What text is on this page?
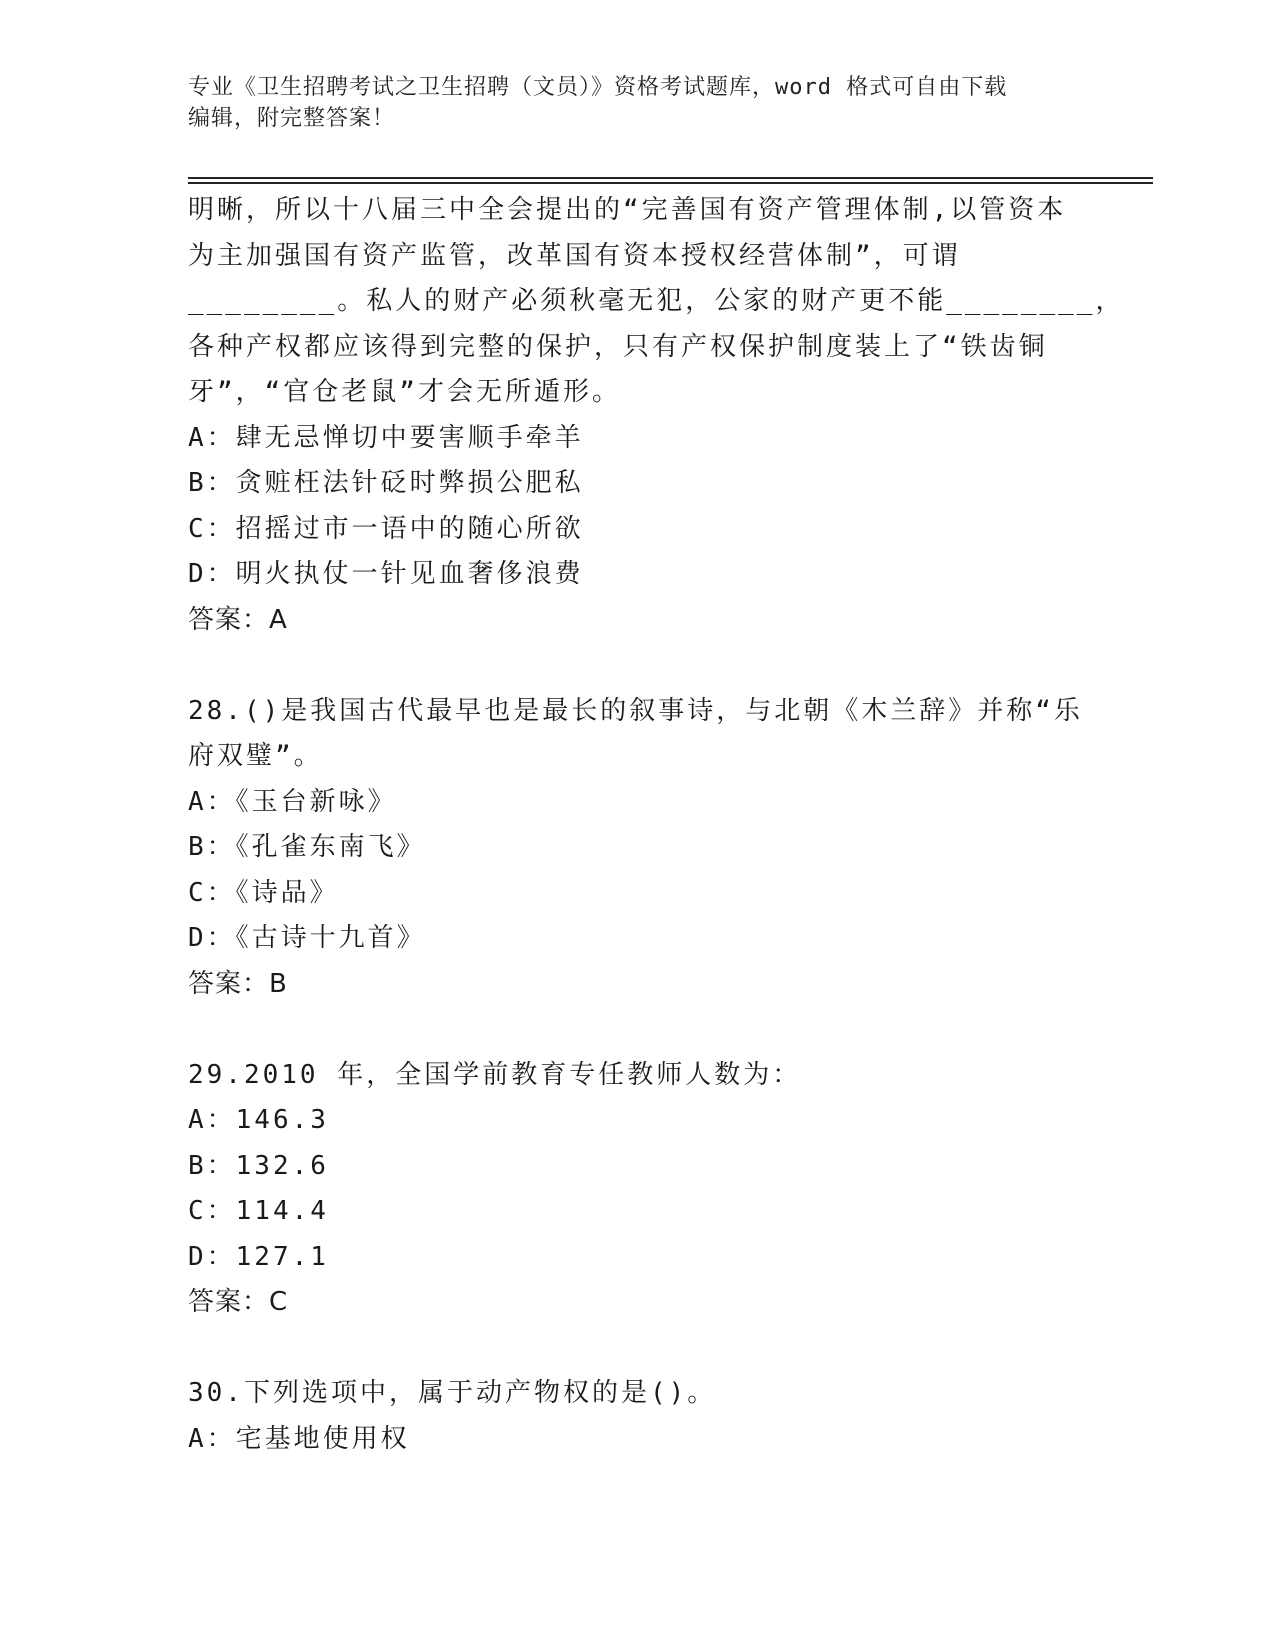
专业《卫生招聘考试之卫生招聘（文员）》资格考试题库，word 格式可自由下载
编辑，附完整答案！
明晰，所以十八届三中全会提出的“完善国有资产管理体制,以管资本
为主加强国有资产监管，改革国有资本授权经营体制”，可谓
________。私人的财产必须秋毫无犯，公家的财产更不能________，
各种产权都应该得到完整的保护，只有产权保护制度装上了“铁齿铜
牙”，“官仓老鼠”才会无所遁形。
A：肆无忌惮切中要害顺手牵羊
B：贪赃枉法针砭时弊损公肥私
C：招摇过市一语中的随心所欲
D：明火执仗一针见血奢侈浪费
答案：A
28.()是我国古代最早也是最长的叙事诗，与北朝《木兰辞》并称“乐
府双璧”。
A：《玉台新咏》
B：《孔雀东南飞》
C：《诗品》
D：《古诗十九首》
答案：B
29.2010 年，全国学前教育专任教师人数为：
A：146.3
B：132.6
C：114.4
D：127.1
答案：C
30.下列选项中，属于动产物权的是()。
A：宅基地使用权
